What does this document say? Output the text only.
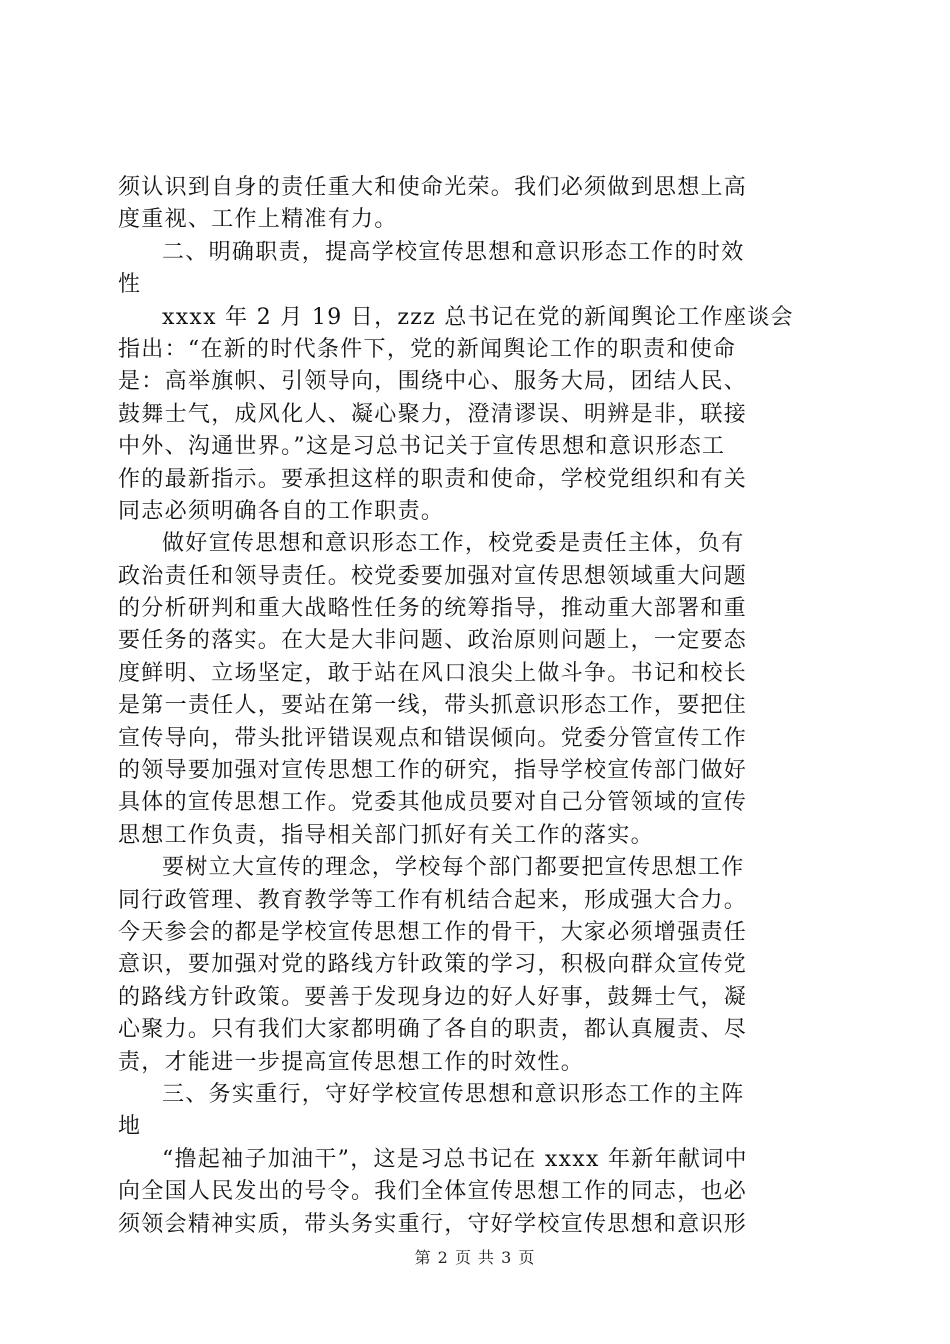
须认识到自身的责任重大和使命光荣。我们必须做到思想上高
度重视、工作上精准有力。
二、明确职责，提高学校宣传思想和意识形态工作的时效
性
xxxx 年 2 月 19 日，zzz 总书记在党的新闻舆论工作座谈会
指出：“在新的时代条件下，党的新闻舆论工作的职责和使命
是：高举旗帜、引领导向，围绕中心、服务大局，团结人民、
鼓舞士气，成风化人、凝心聚力，澄清谬误、明辨是非，联接
中外、沟通世界。”这是习总书记关于宣传思想和意识形态工
作的最新指示。要承担这样的职责和使命，学校党组织和有关
同志必须明确各自的工作职责。
做好宣传思想和意识形态工作，校党委是责任主体，负有
政治责任和领导责任。校党委要加强对宣传思想领域重大问题
的分析研判和重大战略性任务的统筹指导，推动重大部署和重
要任务的落实。在大是大非问题、政治原则问题上，一定要态
度鲜明、立场坚定，敢于站在风口浪尖上做斗争。书记和校长
是第一责任人，要站在第一线，带头抓意识形态工作，要把住
宣传导向，带头批评错误观点和错误倾向。党委分管宣传工作
的领导要加强对宣传思想工作的研究，指导学校宣传部门做好
具体的宣传思想工作。党委其他成员要对自己分管领域的宣传
思想工作负责，指导相关部门抓好有关工作的落实。
要树立大宣传的理念，学校每个部门都要把宣传思想工作
同行政管理、教育教学等工作有机结合起来，形成强大合力。
今天参会的都是学校宣传思想工作的骨干，大家必须增强责任
意识，要加强对党的路线方针政策的学习，积极向群众宣传党
的路线方针政策。要善于发现身边的好人好事，鼓舞士气，凝
心聚力。只有我们大家都明确了各自的职责，都认真履责、尽
责，才能进一步提高宣传思想工作的时效性。
三、务实重行，守好学校宣传思想和意识形态工作的主阵
地
“撸起袖子加油干”，这是习总书记在 xxxx 年新年献词中
向全国人民发出的号令。我们全体宣传思想工作的同志，也必
须领会精神实质，带头务实重行，守好学校宣传思想和意识形
第 2 页 共 3 页
